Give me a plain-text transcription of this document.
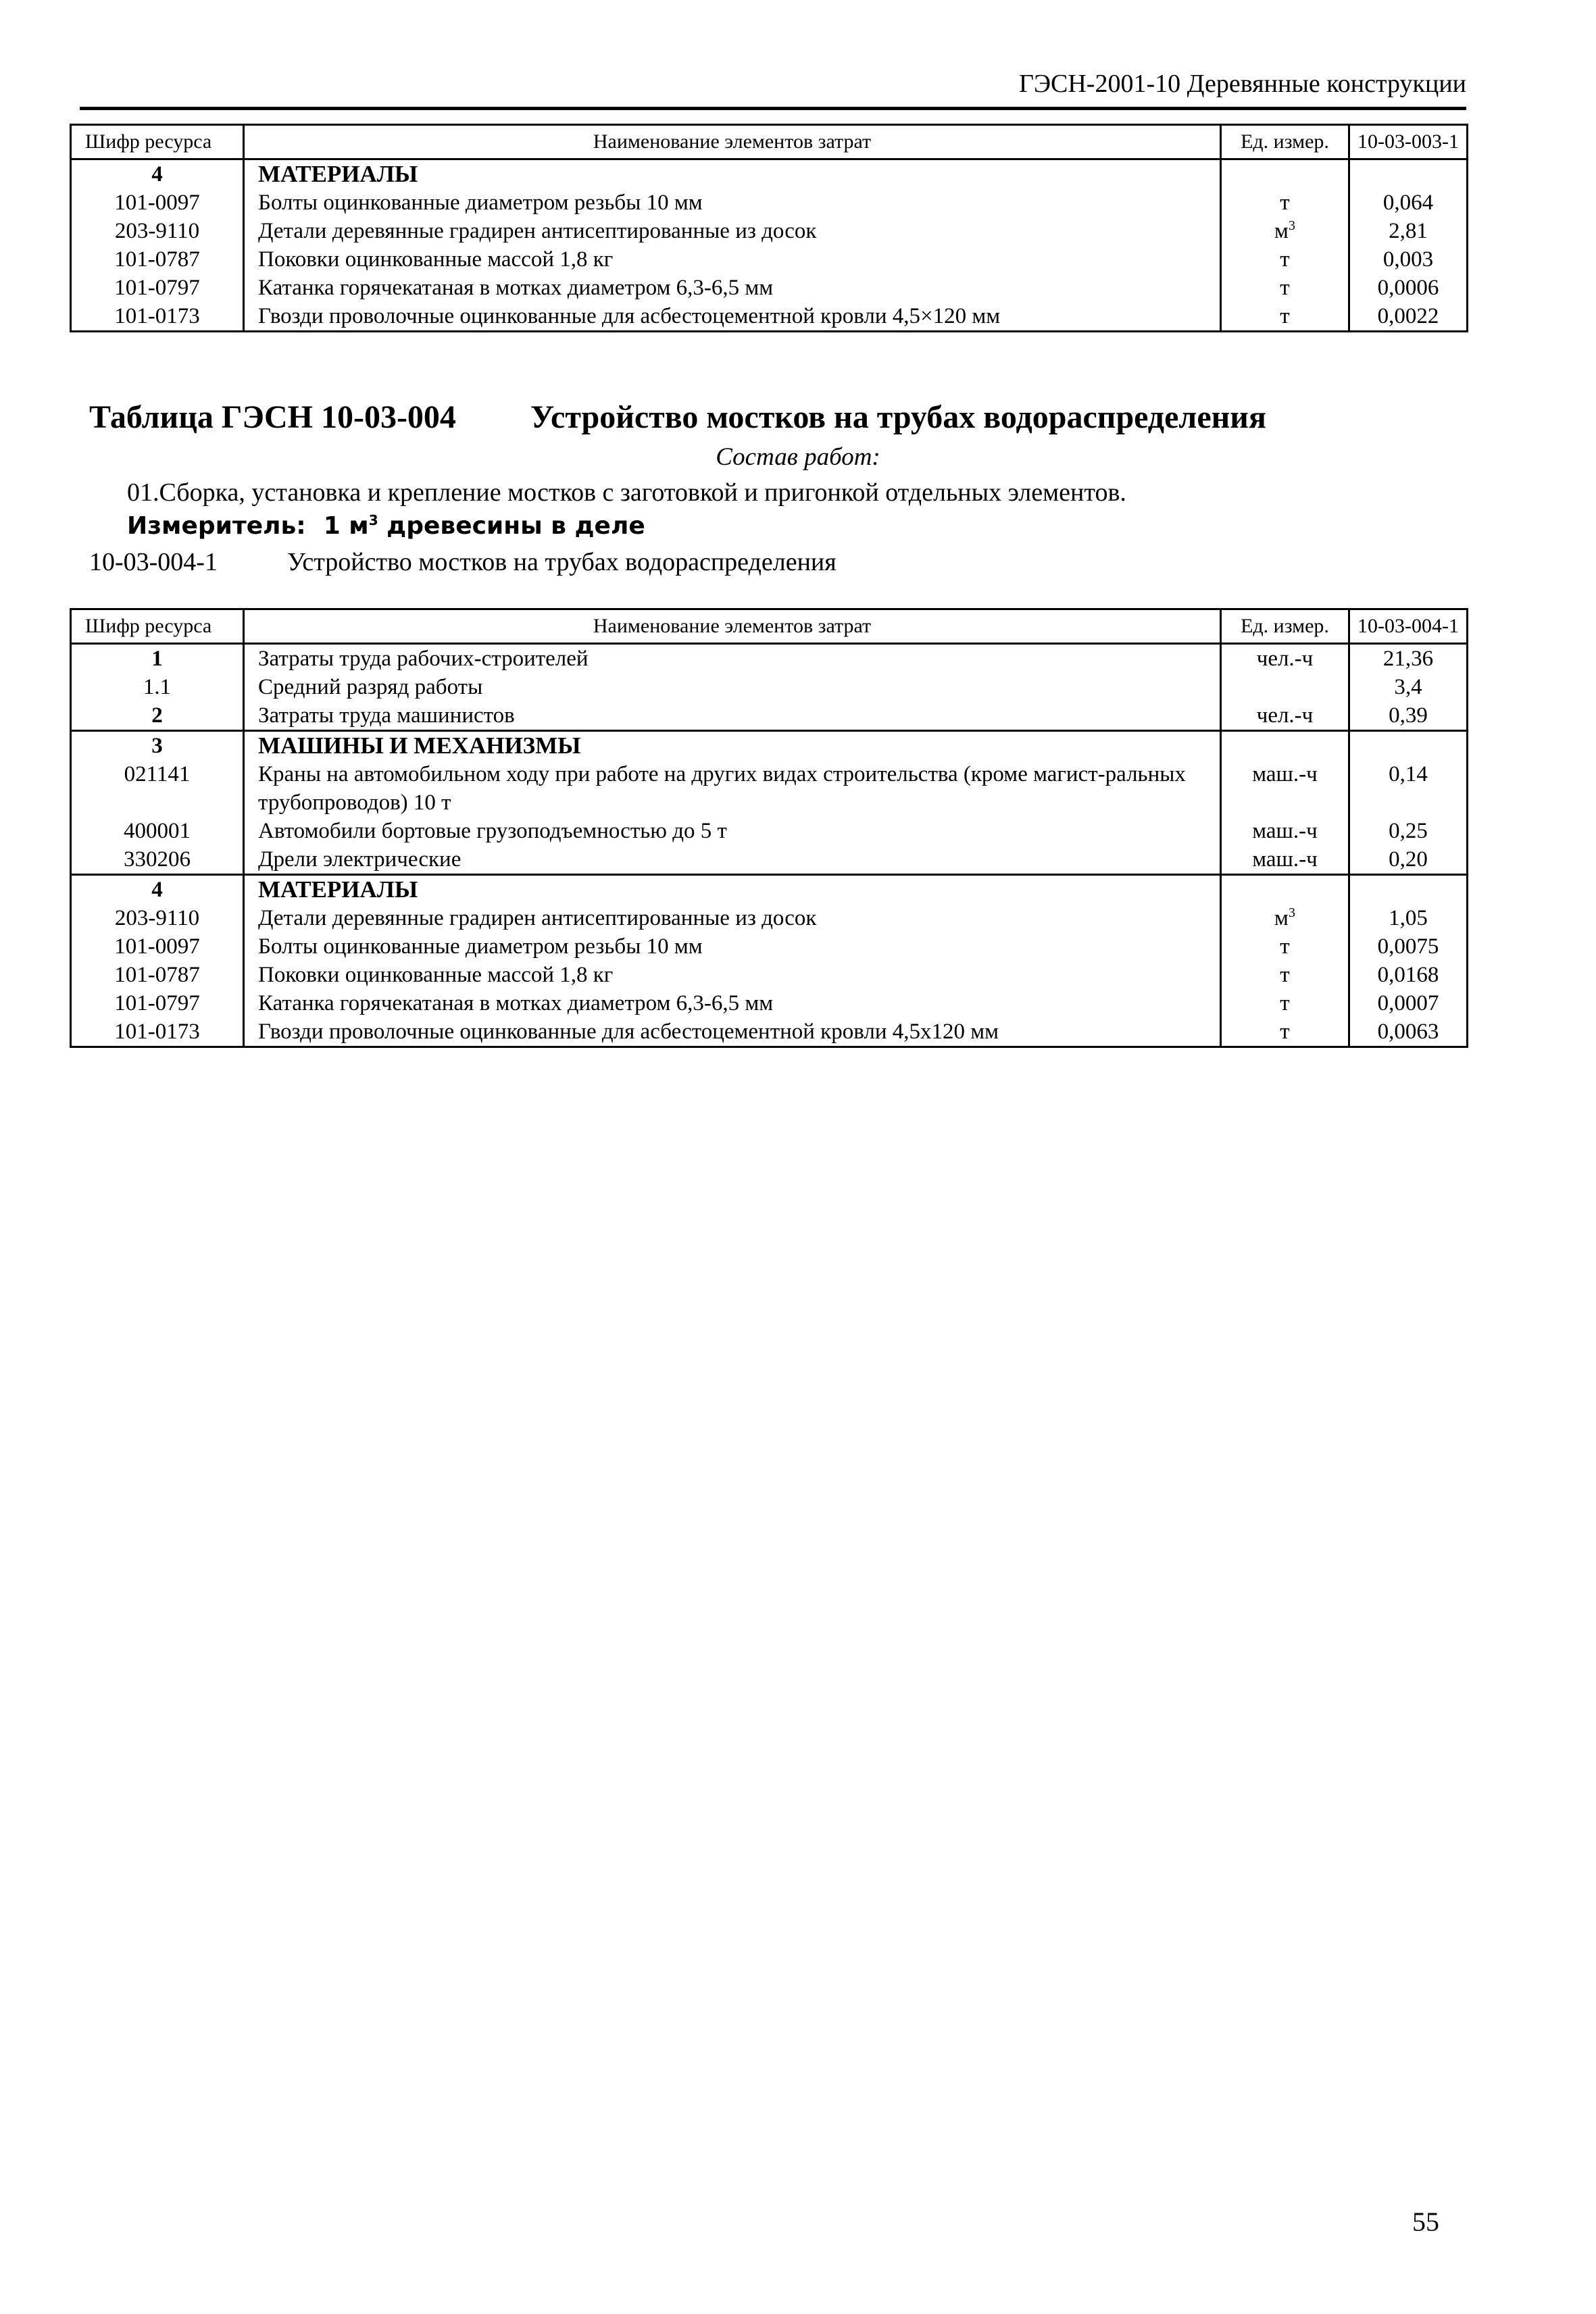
ГЭСН-2001-10 Деревянные конструкции
Шифр ресурса	Наименование элементов затрат	Ед. измер.	10-03-003-1
4	МАТЕРИАЛЫ		
101-0097	Болты оцинкованные диаметром резьбы 10 мм	т	0,064
203-9110	Детали деревянные градирен антисептированные из досок	$м^3$	2,81
101-0787	Поковки оцинкованные массой 1,8 кг	т	0,003
101-0797	Катанка горячекатаная в мотках диаметром 6,3-6,5 мм	т	0,0006
101-0173	Гвозди проволочные оцинкованные для асбестоцементной кровли 4,5×120 мм	т	0,0022
Таблица ГЭСН 10-03-004 Устройство мостков на трубах водораспределения
Состав работ:
01.Сборка, установка и крепление мостков с заготовкой и пригонкой отдельных элементов.
Измеритель: 1 $м^3$ древесины в деле
10-03-004-1	Устройство мостков на трубах водораспределения
Шифр ресурса	Наименование элементов затрат	Ед. измер.	10-03-004-1
1	Затраты труда рабочих-строителей	чел.-ч	21,36
1.1	Средний разряд работы		3,4
2	Затраты труда машинистов	чел.-ч	0,39
3	МАШИНЫ И МЕХАНИЗМЫ		
021141	Краны на автомобильном ходу при работе на других видах строительства (кроме магист-ральных трубопроводов) 10 т	маш.-ч	0,14
400001	Автомобили бортовые грузоподъемностью до 5 т	маш.-ч	0,25
330206	Дрели электрические	маш.-ч	0,20
4	МАТЕРИАЛЫ		
203-9110	Детали деревянные градирен антисептированные из досок	$м^3$	1,05
101-0097	Болты оцинкованные диаметром резьбы 10 мм	т	0,0075
101-0787	Поковки оцинкованные массой 1,8 кг	т	0,0168
101-0797	Катанка горячекатаная в мотках диаметром 6,3-6,5 мм	т	0,0007
101-0173	Гвозди проволочные оцинкованные для асбестоцементной кровли 4,5х120 мм	т	0,0063
55
